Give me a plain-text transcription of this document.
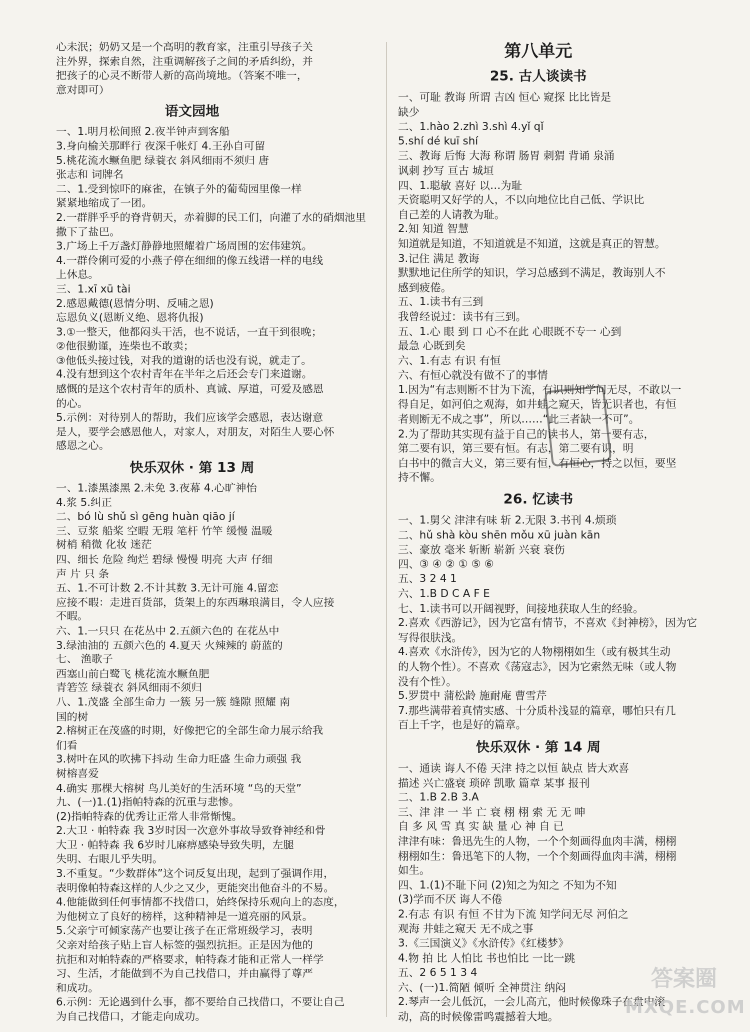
心未泯；奶奶又是一个高明的教育家，注重引导孩子关
注外界，探索自然，注重调解孩子之间的矛盾纠纷，并
把孩子的心灵不断带人新的高尚境地。（答案不唯一，
意对即可）
语文园地
一、1.明月松间照 2.夜半钟声到客船
3.身向榆关那畔行 夜深千帐灯 4.王孙自可留
5.桃花流水鳜鱼肥 绿蓑衣 斜风细雨不须归 唐
张志和 词牌名
二、1.受到惊吓的麻雀，在镇子外的葡萄园里像一样
紧紧地缩成了一团。
2.一群胖乎乎的脊背朝天，赤着脚的民工们，向灌了水的硝烟池里
撒下了盐巴。
3.广场上千万盏灯静静地照耀着广场周围的宏伟建筑。
4.一群伶俐可爱的小燕子停在细细的像五线谱一样的电线
上休息。
三、1.xī xū tài
2.感恩戴德(恩情分明、反哺之恩)
忘恩负义(恩断义绝、恩将仇报)
3.①一整天，他都闷头干活，也不说话，一直干到很晚；
②他很勤谨，连柴也不敢卖；
③他低头接过钱，对我的道谢的话也没有说，就走了。
4.没有想到这个农村青年在半年之后还会专门来道谢。
感慨的是这个农村青年的质朴、真诚、厚道，可爱及感恩
的心。
5.示例：对待别人的帮助，我们应该学会感恩，表达谢意
是人，要学会感恩他人，对家人，对朋友，对陌生人要心怀
感恩之心。
快乐双休 · 第 13 周
一、1.漆黑漆黑 2.未免 3.夜幕 4.心旷神怡
4.浆 5.纠正
二、bó lù shǔ sì gēng huàn qiāo jí
三、豆浆 船桨 空暇 无瑕 笔杆 竹竿 缓慢 温暖
树梢 稍微 化妆 迷茫
四、细长 危险 绚烂 碧绿 慢慢 明亮 大声 仔细
声 片 只 条
五、1.不可计数 2.不计其数 3.无计可施 4.留恋
应接不暇：走进百货部，货架上的东西琳琅满目，令人应接
不暇。
六、1.一只只 在花丛中 2.五颜六色的 在花丛中
3.绿油油的 五颜六色的 4.夏天 火辣辣的 蔚蓝的
七、 渔歌子
西塞山前白鹭飞 桃花流水鳜鱼肥
青箬笠 绿蓑衣 斜风细雨不须归
八、1.茂盛 全部生命力 一簇 另一簇 缝隙 照耀 南
国的树
2.榕树正在茂盛的时期，好像把它的全部生命力展示给我
们看
3.树叶在风的吹拂下抖动 生命力旺盛 生命力顽强 我
树榕喜爱
4.确实 那棵大榕树 鸟儿美好的生活环境 “鸟的天堂”
九、(一)1.(1)指帕特森的沉重与悲惨。
(2)指帕特森的优秀让正常人非常惭愧。
2.大卫 · 帕特森 我 3岁时因一次意外事故导致脊神经和骨
大卫 · 帕特森 我 6岁时儿麻痹感染导致失明，左腿
失明、右眼儿乎失明。
3.不重复。“少数群体”这个词反复出现，起到了强调作用，
表明像帕特森这样的人少之又少，更能突出他奋斗的不易。
4.他能做到任何事情都不找借口，始终保持乐观向上的态度，
为他树立了良好的榜样，这种精神是一道亮丽的风景。
5.父亲宁可倾家荡产也要让孩子在正常班级学习，表明
父亲对给孩子贴上盲人标签的强烈抗拒。正是因为他的
抗拒和对帕特森的严格要求，帕特森才能和正常人一样学
习、生活，才能做到不为自己找借口，并由赢得了尊严
和成功。
6.示例：无论遇到什么事，都不要给自己找借口，不要让自己
为自己找借口，才能走向成功。
第八单元
25. 古人谈读书
一、可耻 教诲 所谓 吉凶 恒心 窥探 比比皆是
缺少
二、1.hào 2.zhì 3.shì 4.yǐ qǐ
5.shí dé kuī shí
三、教诲 后悔 大海 称谓 肠胃 刺猬 背诵 泉涌
讽刺 抄写 亘古 城垣
四、1.聪敏 喜好 以…为耻
天资聪明又好学的人，不以向地位比自己低、学识比
自己差的人请教为耻。
2.知 知道 智慧
知道就是知道，不知道就是不知道，这就是真正的智慧。
3.记住 满足 教诲
默默地记住所学的知识，学习总感到不满足，教诲别人不
感到疲倦。
五、1.读书有三到
我曾经说过：读书有三到。
五、1.心 眼 到 口 心不在此 心眼既不专一 心到
最急 心既到矣
六、1.有志 有识 有恒
六、有恒心就没有做不了的事情
1.因为“有志则断不甘为下流，有识则知学问无尽，不敢以一
得自足，如河伯之观海，如井蛙之窥天，皆无识者也，有恒
者则断无不成之事”，所以……“此三者缺一不可”。
2.为了帮助其实现有益于自己的读书人，第一要有志，
第二要有识，第三要有恒。有志，第二要有识，明
白书中的微言大义，第三要有恒，有恒心，持之以恒，要坚
持不懈。
26. 忆读书
一、1.舅父 津津有味 斩 2.无限 3.书刊 4.烦琐
二、hǔ shà kòu shēn mǒu xū juàn kān
三、豪放 毫米 斩断 崭新 兴衰 衰伤
四、③ ④ ② ① ⑤ ⑥
五、3 2 4 1
六、1.B D C A F E
七、1.读书可以开阔视野，间接地获取人生的经验。
2.喜欢《西游记》，因为它富有情节，不喜欢《封神榜》，因为它
写得很肤浅。
4.喜欢《水浒传》，因为它的人物栩栩如生（或有极其生动
的人物个性）。不喜欢《荡寇志》，因为它索然无味（或人物
没有个性）。
5.罗贯中 蒲松龄 施耐庵 曹雪芹
7.那些满带着真情实感、十分质朴浅显的篇章，哪怕只有几
百上千字，也是好的篇章。
快乐双休 · 第 14 周
一、通读 诲人不倦 天津 持之以恒 缺点 皆大欢喜
描述 兴亡盛衰 琐碎 凯歌 篇章 某事 报刊
二、1.B 2.B 3.A
三、津 津 一 半 亡 衰 栩 栩 索 无 无 呻
自 多 风 雪 真 实 缺 量 心 神 自 已
津津有味：鲁迅先生的人物，一个个刻画得血肉丰满，栩栩
栩栩如生：鲁迅笔下的人物，一个个刻画得血肉丰满，栩栩
如生。
四、1.(1)不耻下问 (2)知之为知之 不知为不知
(3)学而不厌 诲人不倦
2.有志 有识 有恒 不甘为下流 知学问无尽 河伯之
观海 井蛙之窥天 无不成之事
3.《三国演义》《水浒传》《红楼梦》
4.物 拍 比 人怕比 书也怕比 一比一跳
五、2 6 5 1 3 4
六、(一)1.简陋 倾听 全神贯注 纳闷
2.琴声一会儿低沉，一会儿高亢，他时候像珠子在盘中滚
动，高的时候像雷鸣震撼着大地。
答案圈
MXQE.COM
